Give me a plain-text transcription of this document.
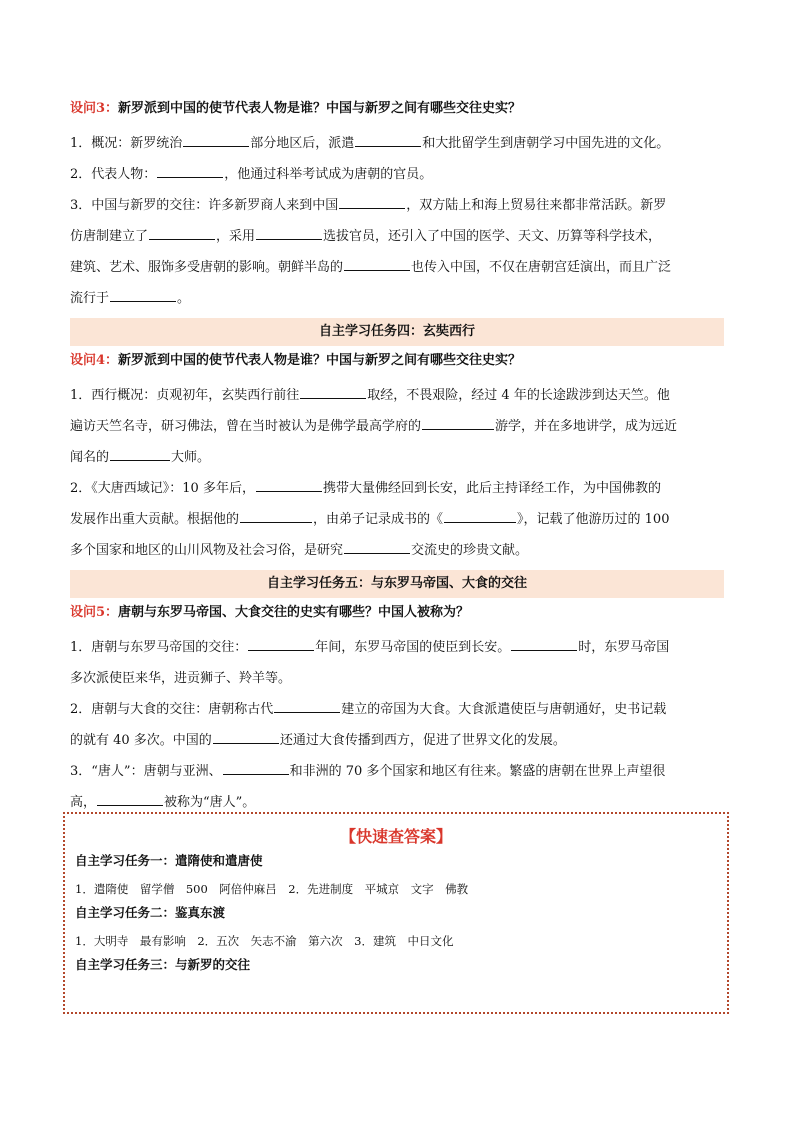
设问3：新罗派到中国的使节代表人物是谁？中国与新罗之间有哪些交往史实？

1．概况：新罗统治	部分地区后，派遣	和大批留学生到唐朝学习中国先进的文化。

2．代表人物：	，他通过科举考试成为唐朝的官员。

3．中国与新罗的交往：许多新罗商人来到中国	，双方陆上和海上贸易往来都非常活跃。新罗
仿唐制建立了	，采用	选拔官员，还引入了中国的医学、天文、历算等科学技术，
建筑、艺术、服饰多受唐朝的影响。朝鲜半岛的	也传入中国，不仅在唐朝宫廷演出，而且广泛
流行于	。

自主学习任务四：玄奘西行

设问4：新罗派到中国的使节代表人物是谁？中国与新罗之间有哪些交往史实？

1．西行概况：贞观初年，玄奘西行前往	取经，不畏艰险，经过 4 年的长途跋涉到达天竺。他
遍访天竺名寺，研习佛法，曾在当时被认为是佛学最高学府的	游学，并在多地讲学，成为远近
闻名的	大师。

2．《大唐西域记》：10 多年后，	携带大量佛经回到长安，此后主持译经工作，为中国佛教的
发展作出重大贡献。根据他的	，由弟子记录成书的《	》，记载了他游历过的 100
多个国家和地区的山川风物及社会习俗，是研究	交流史的珍贵文献。

自主学习任务五：与东罗马帝国、大食的交往

设问5：唐朝与东罗马帝国、大食交往的史实有哪些？中国人被称为？

1．唐朝与东罗马帝国的交往：	年间，东罗马帝国的使臣到长安。	时，东罗马帝国
多次派使臣来华，进贡狮子、羚羊等。

2．唐朝与大食的交往：唐朝称古代	建立的帝国为大食。大食派遣使臣与唐朝通好，史书记载
的就有 40 多次。中国的	还通过大食传播到西方，促进了世界文化的发展。

3．“唐人”：唐朝与亚洲、	和非洲的 70 多个国家和地区有往来。繁盛的唐朝在世界上声望很
高，	被称为“唐人”。

【快速查答案】
自主学习任务一：遣隋使和遣唐使
1．遣隋使　留学僧　500　阿倍仲麻吕　2．先进制度　平城京　文字　佛教
自主学习任务二：鉴真东渡
1．大明寺　最有影响　2．五次　矢志不渝　第六次　3．建筑　中日文化
自主学习任务三：与新罗的交往
